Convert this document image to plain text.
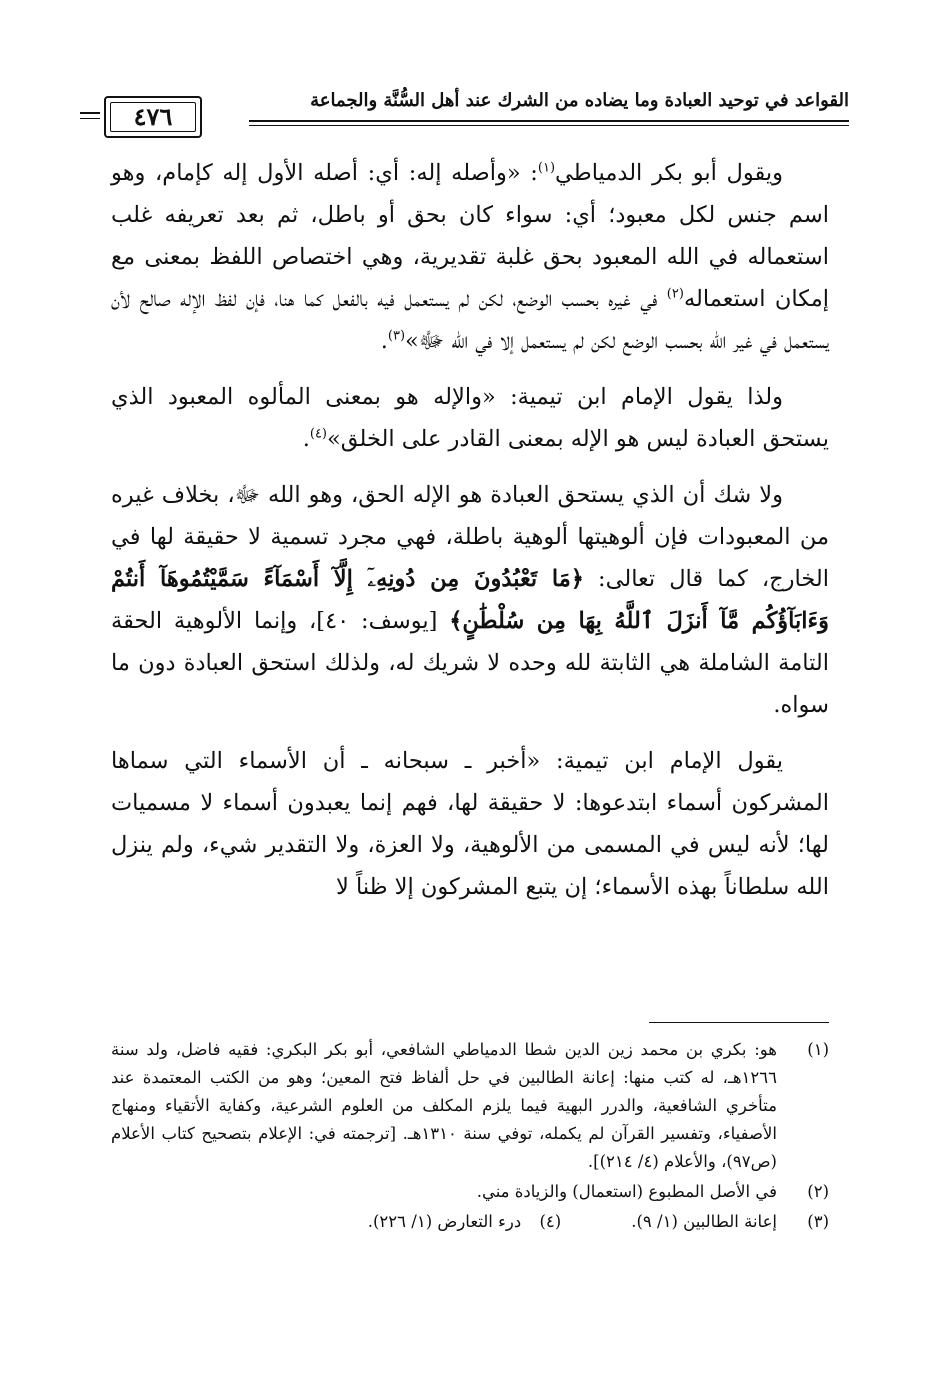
القواعد في توحيد العبادة وما يضاده من الشرك عند أهل السُّنَّة والجماعة
٤٧٦

ويقول أبو بكر الدمياطي$^{(١)}$: «وأصله إله: أي: أصله الأول إله كإمام، وهو اسم جنس لكل معبود؛ أي: سواء كان بحق أو باطل، ثم بعد تعريفه غلب استعماله في الله المعبود بحق غلبة تقديرية، وهي اختصاص اللفظ بمعنى مع إمكان استعماله$^{(٢)}$ في غيره بحسب الوضع، لكن لم يستعمل فيه بالفعل كما هنا، فإن لفظ الإله صالح لأن يستعمل في غير الله بحسب الوضع لكن لم يستعمل إلا في الله ﷻ»$^{(٣)}$.

ولذا يقول الإمام ابن تيمية: «والإله هو بمعنى المألوه المعبود الذي يستحق العبادة ليس هو الإله بمعنى القادر على الخلق»$^{(٤)}$.

ولا شك أن الذي يستحق العبادة هو الإله الحق، وهو الله ﷻ، بخلاف غيره من المعبودات فإن ألوهيتها ألوهية باطلة، فهي مجرد تسمية لا حقيقة لها في الخارج، كما قال تعالى: ﴿مَا تَعْبُدُونَ مِن دُونِهِۦٓ إِلَّآ أَسْمَآءً سَمَّيْتُمُوهَآ أَنتُمْ وَءَابَآؤُكُم مَّآ أَنزَلَ ٱللَّهُ بِهَا مِن سُلْطَٰنٍ﴾ [يوسف: ٤٠]، وإنما الألوهية الحقة التامة الشاملة هي الثابتة لله وحده لا شريك له، ولذلك استحق العبادة دون ما سواه.

يقول الإمام ابن تيمية: «أخبر ـ سبحانه ـ أن الأسماء التي سماها المشركون أسماء ابتدعوها: لا حقيقة لها، فهم إنما يعبدون أسماء لا مسميات لها؛ لأنه ليس في المسمى من الألوهية، ولا العزة، ولا التقدير شيء، ولم ينزل الله سلطاناً بهذه الأسماء؛ إن يتبع المشركون إلا ظناً لا

(١)
هو: بكري بن محمد زين الدين شطا الدمياطي الشافعي، أبو بكر البكري: فقيه فاضل، ولد سنة ١٢٦٦هـ، له كتب منها: إعانة الطالبين في حل ألفاظ فتح المعين؛ وهو من الكتب المعتمدة عند متأخري الشافعية، والدرر البهية فيما يلزم المكلف من العلوم الشرعية، وكفاية الأتقياء ومنهاج الأصفياء، وتفسير القرآن لم يكمله، توفي سنة ١٣١٠هـ. [ترجمته في: الإعلام بتصحيح كتاب الأعلام (ص٩٧)، والأعلام (٤/ ٢١٤)].
(٢)
في الأصل المطبوع (استعمال) والزيادة مني.
(٣)
إعانة الطالبين (١/ ٩).
(٤)
درء التعارض (١/ ٢٢٦).
